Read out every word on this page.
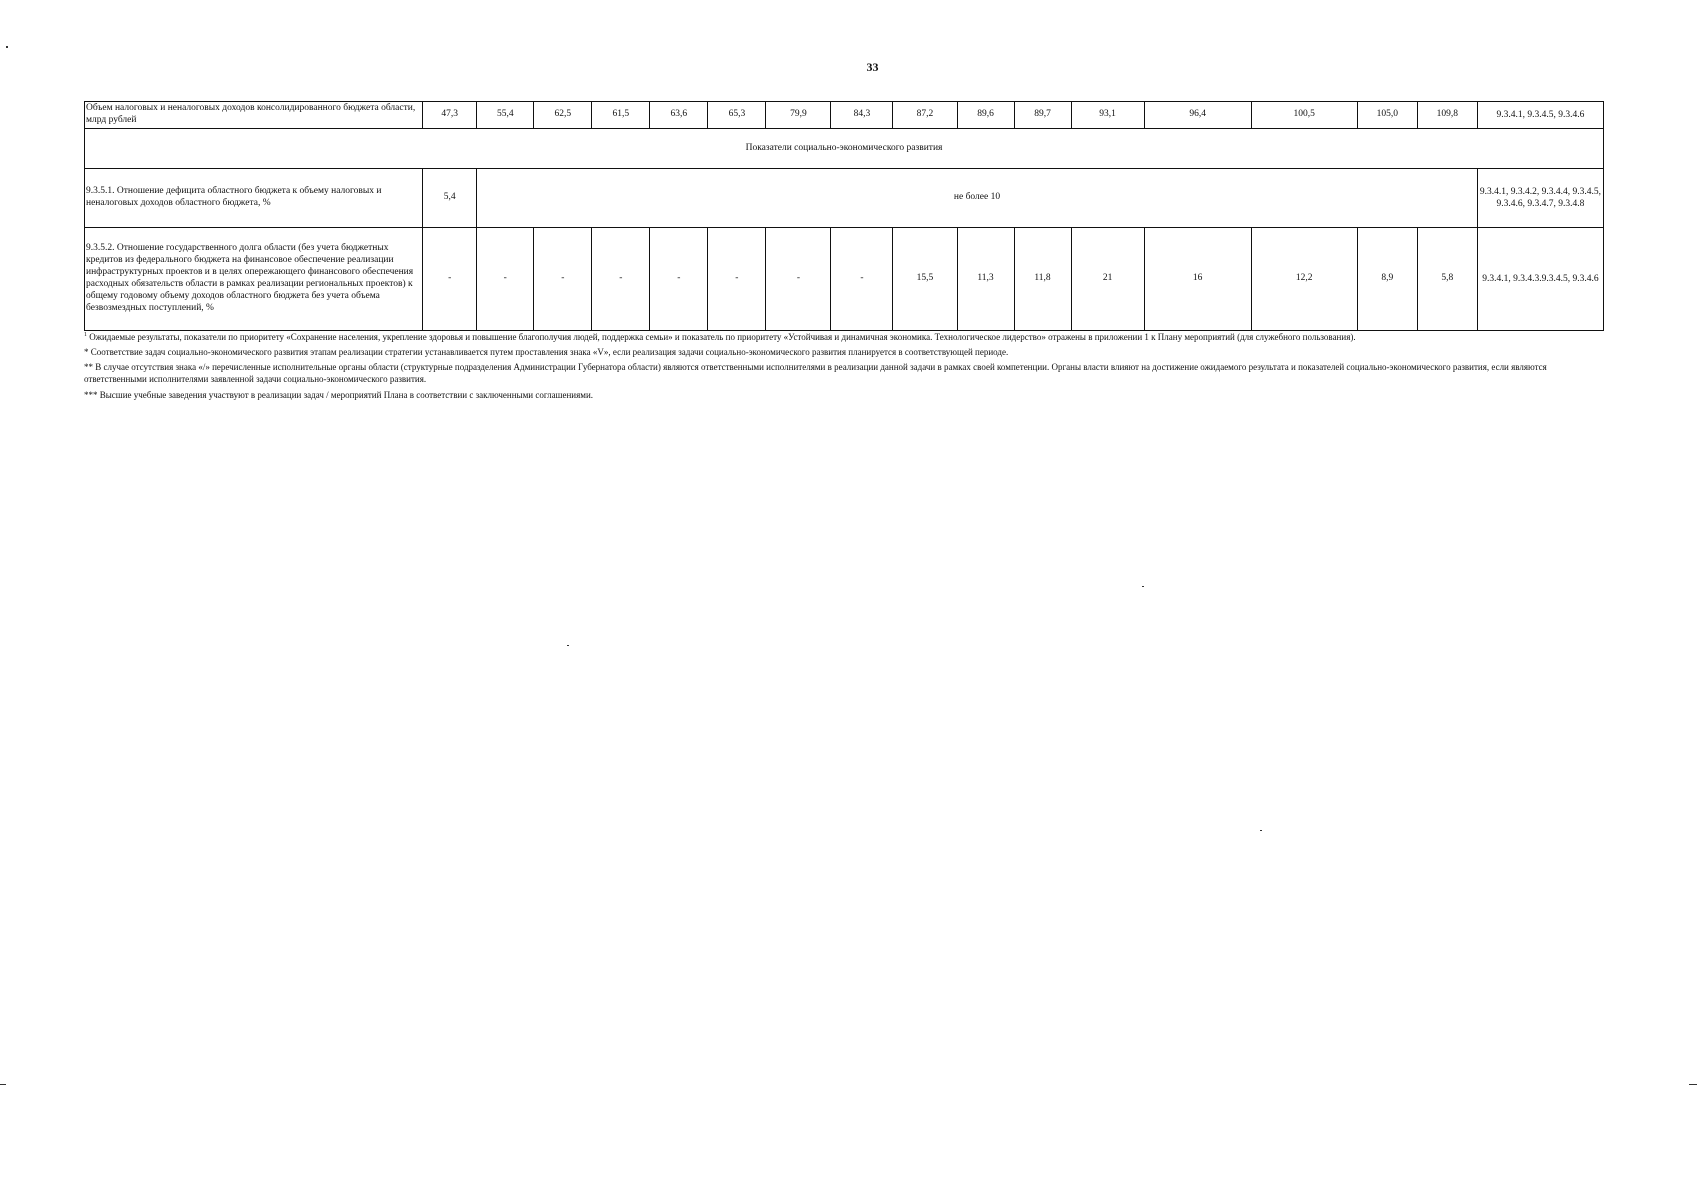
33
Объем налоговых и неналоговых доходов консолидированного бюджета области, млрд рублей	47,3	55,4	62,5	61,5	63,6	65,3	79,9	84,3	87,2	89,6	89,7	93,1	96,4	100,5	105,0	109,8	9.3.4.1, 9.3.4.5, 9.3.4.6
Показатели социально-экономического развития																	
9.3.5.1. Отношение дефицита областного бюджета к объему налоговых и неналоговых доходов областного бюджета, %	5,4	не более 10															9.3.4.1, 9.3.4.2, 9.3.4.4, 9.3.4.5, 9.3.4.6, 9.3.4.7, 9.3.4.8
9.3.5.2. Отношение государственного долга области (без учета бюджетных кредитов из федерального бюджета на финансовое обеспечение реализации инфраструктурных проектов и в целях опережающего финансового обеспечения расходных обязательств области в рамках реализации региональных проектов) к общему годовому объему доходов областного бюджета без учета объема безвозмездных поступлений, %	-	-	-	-	-	-	-	-	15,5	11,3	11,8	21	16	12,2	8,9	5,8	9.3.4.1, 9.3.4.3.9.3.4.5, 9.3.4.6

$^1$ Ожидаемые результаты, показатели по приоритету «Сохранение населения, укрепление здоровья и повышение благополучия людей, поддержка семьи» и показатель по приоритету «Устойчивая и динамичная экономика. Технологическое лидерство» отражены в приложении 1 к Плану мероприятий (для служебного пользования).

* Соответствие задач социально-экономического развития этапам реализации стратегии устанавливается путем проставления знака «V», если реализация задачи социально-экономического развития планируется в соответствующей периоде.

** В случае отсутствия знака «/» перечисленные исполнительные органы области (структурные подразделения Администрации Губернатора области) являются ответственными исполнителями в реализации данной задачи в рамках своей компетенции. Органы власти влияют на достижение ожидаемого результата и показателей социально-экономического развития, если являются ответственными исполнителями заявленной задачи социально-экономического развития.

*** Высшие учебные заведения участвуют в реализации задач / мероприятий Плана в соответствии с заключенными соглашениями.
